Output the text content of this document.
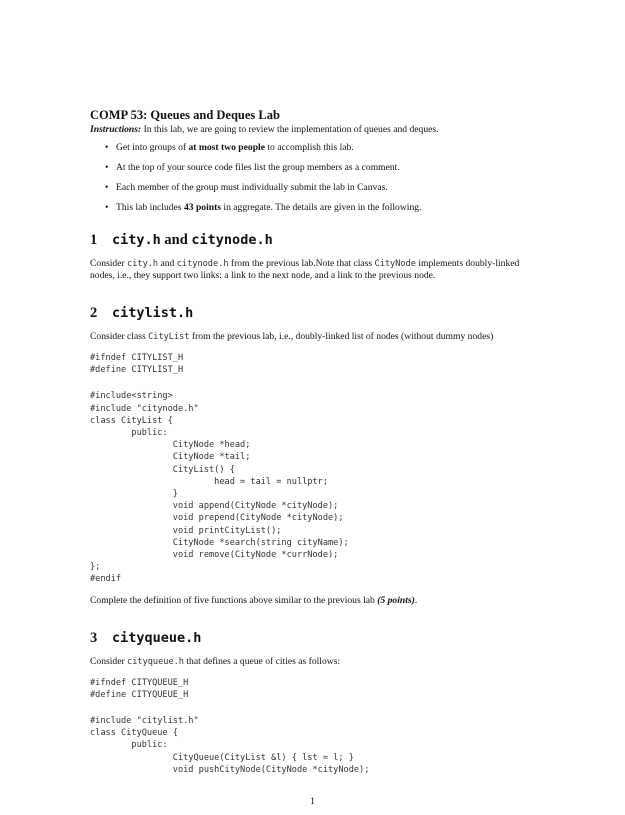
COMP 53: Queues and Deques Lab

Instructions: In this lab, we are going to review the implementation of queues and deques.

• Get into groups of at most two people to accomplish this lab.
• At the top of your source code files list the group members as a comment.
• Each member of the group must individually submit the lab in Canvas.
• This lab includes 43 points in aggregate. The details are given in the following.
1 city.h and citynode.h

Consider city.h and citynode.h from the previous lab.Note that class CityNode implements doubly-linked nodes, i.e., they support two links: a link to the next node, and a link to the previous node.

2 citylist.h

Consider class CityList from the previous lab, i.e., doubly-linked list of nodes (without dummy nodes)

#ifndef CITYLIST_H
#define CITYLIST_H
#include<string>
#include "citynode.h"
class CityList {
public:
CityNode *head;
CityNode *tail;
CityList() {
head = tail = nullptr;
}
void append(CityNode *cityNode);
void prepend(CityNode *cityNode);
void printCityList();
CityNode *search(string cityName);
void remove(CityNode *currNode);
};
#endif

Complete the definition of five functions above similar to the previous lab (5 points).

3 cityqueue.h

Consider cityqueue.h that defines a queue of cities as follows:

#ifndef CITYQUEUE_H
#define CITYQUEUE_H
#include "citylist.h"
class CityQueue {
public:
CityQueue(CityList &l) { lst = l; }
void pushCityNode(CityNode *cityNode);
1
